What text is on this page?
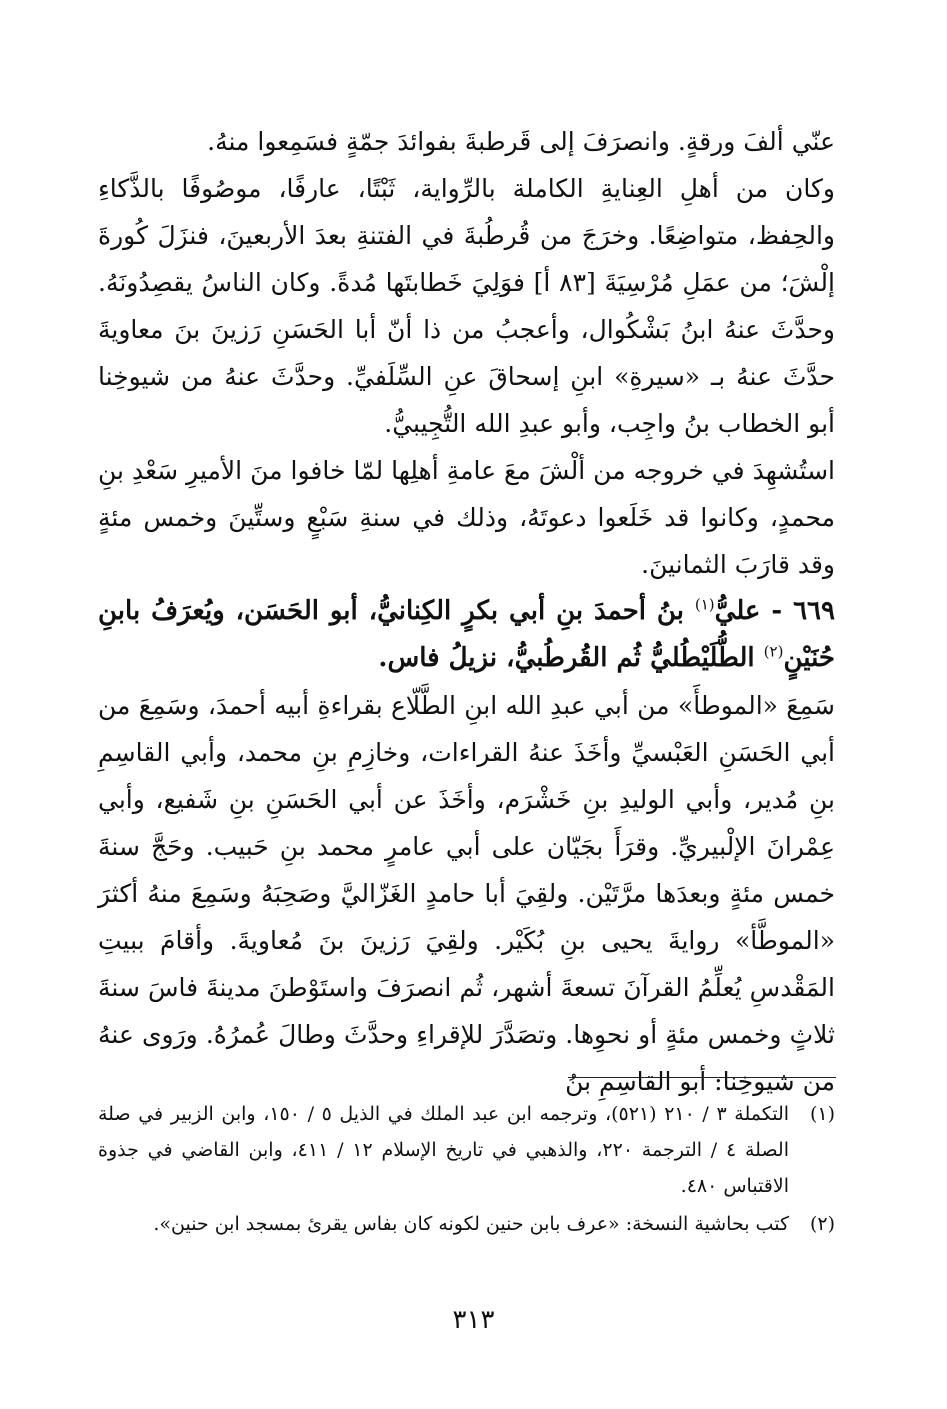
عنّي ألفَ ورقةٍ. وانصرَفَ إلى قَرطبةَ بفوائدَ جمّةٍ فسَمِعوا منهُ.

وكان من أهلِ العِنايةِ الكاملة بالرِّواية، ثَبْتًا، عارفًا، موصُوفًا بالذَّكاءِ والحِفظ، متواضِعًا. وخرَجَ من قُرطُبةَ في الفتنةِ بعدَ الأربعينَ، فنزَلَ كُورةَ إلْشَ؛ من عمَلِ مُرْسِيَةَ [٨٣ أ] فوَلِيَ خَطابتَها مُدةً. وكان الناسُ يقصِدُونَهُ. وحدَّثَ عنهُ ابنُ بَشْكُوال، وأعجبُ من ذا أنّ أبا الحَسَنِ رَزينَ بنَ معاويةَ حدَّثَ عنهُ بـ «سيرةِ» ابنِ إسحاقَ عنِ السِّلَفيِّ. وحدَّثَ عنهُ من شيوخِنا أبو الخطاب بنُ واجِب، وأبو عبدِ الله التُّجِيبيُّ.

استُشهِدَ في خروجه من ألْشَ معَ عامةِ أهلِها لمّا خافوا منَ الأميرِ سَعْدِ بنِ محمدٍ، وكانوا قد خَلَعوا دعوتَهُ، وذلك في سنةِ سَبْعٍ وستِّينَ وخمس مئةٍ وقد قارَبَ الثمانينَ.

٦٦٩ - عليُّ$^{(١)}$ بنُ أحمدَ بنِ أبي بكرٍ الكِنانيُّ، أبو الحَسَن، ويُعرَفُ بابنِ حُنَيْنٍ$^{(٢)}$ الطُّلَيْطُليُّ ثُم القُرطُبيُّ، نزيلُ فاس.

سَمِعَ «الموطأَ» من أبي عبدِ الله ابنِ الطَّلّاع بقراءةِ أبيه أحمدَ، وسَمِعَ من أبي الحَسَنِ العَبْسيِّ وأخَذَ عنهُ القراءات، وخازِمِ بنِ محمد، وأبي القاسِمِ بنِ مُدير، وأبي الوليدِ بنِ خَشْرَم، وأخَذَ عن أبي الحَسَنِ بنِ شَفيع، وأبي عِمْرانَ الإلْبيريِّ. وقرَأَ بجَيّان على أبي عامرٍ محمد بنِ حَبيب. وحَجَّ سنةَ خمس مئةٍ وبعدَها مرَّتَيْن. ولقِيَ أبا حامدٍ الغَزّاليَّ وصَحِبَهُ وسَمِعَ منهُ أكثرَ «الموطَّأ» روايةَ يحيى بنِ بُكَيْر. ولقِيَ رَزينَ بنَ مُعاويةَ. وأقامَ ببيتِ المَقْدسِ يُعلِّمُ القرآنَ تسعةَ أشهر، ثُم انصرَفَ واستَوْطنَ مدينةَ فاسَ سنةَ ثلاثٍ وخمس مئةٍ أو نحوِها. وتصَدَّرَ للإقراءِ وحدَّثَ وطالَ عُمرُهُ. ورَوى عنهُ من شيوخِنا: أبو القاسِمِ بنُ

(١)
التكملة ٣ / ٢١٠ (٥٢١)، وترجمه ابن عبد الملك في الذيل ٥ / ١٥٠، وابن الزبير في صلة الصلة ٤ / الترجمة ٢٢٠، والذهبي في تاريخ الإسلام ١٢ / ٤١١، وابن القاضي في جذوة الاقتباس ٤٨٠.
(٢)
كتب بحاشية النسخة: «عرف بابن حنين لكونه كان بفاس يقرئ بمسجد ابن حنين».
٣١٣
